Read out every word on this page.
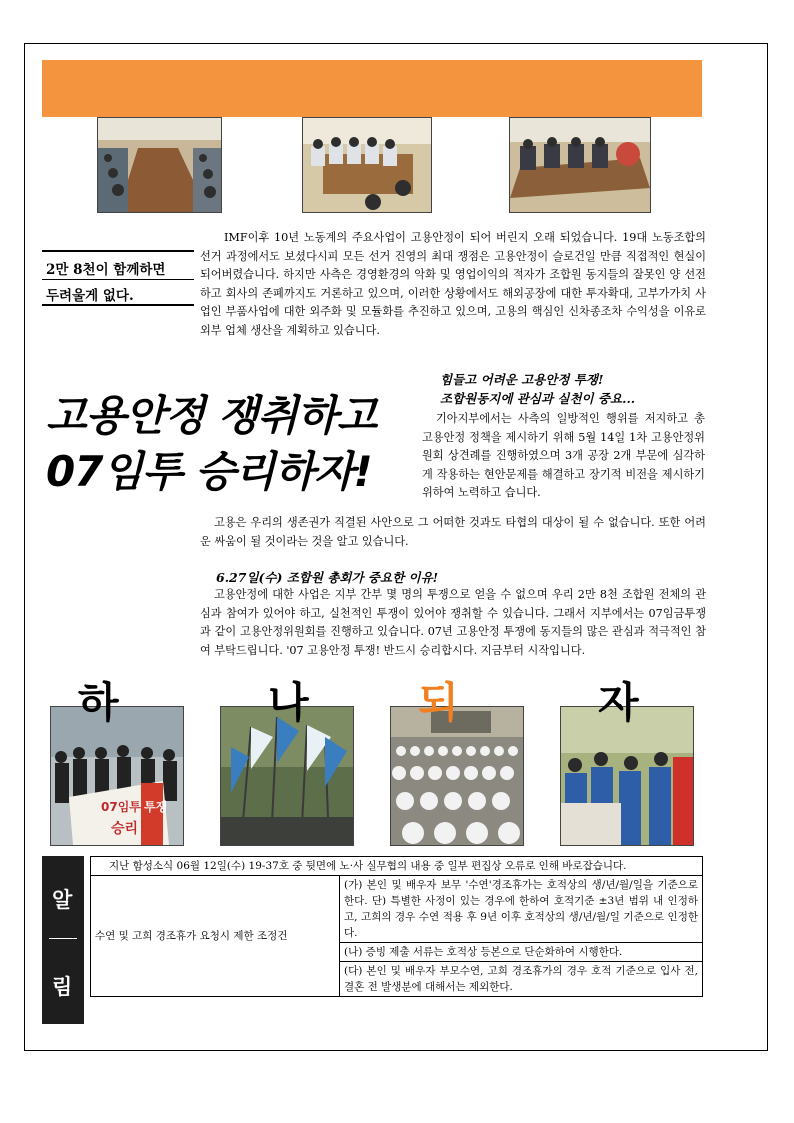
2만 8천이 함께하면
두려울게 없다.
IMF이후 10년 노동계의 주요사업이 고용안정이 되어 버린지 오래 되었습니다. 19대 노동조합의 선거 과정에서도 보셨다시피 모든 선거 진영의 최대 쟁점은 고용안정이 슬로건일 만큼 직접적인 현실이 되어버렸습니다. 하지만 사측은 경영환경의 악화 및 영업이익의 적자가 조합원 동지들의 잘못인 양 선전하고 회사의 존폐까지도 거론하고 있으며, 이러한 상황에서도 해외공장에 대한 투자확대, 고부가가치 사업인 부품사업에 대한 외주화 및 모듈화를 추진하고 있으며, 고용의 핵심인 신차종조차 수익성을 이유로 외부 업체 생산을 계획하고 있습니다.
고용안정 쟁취하고
07임투 승리하자!
힘들고 어려운 고용안정 투쟁!
조합원동지에 관심과 실천이 중요...
기아지부에서는 사측의 일방적인 행위를 저지하고 총 고용안정 정책을 제시하기 위해 5월 14일 1차 고용안정위원회 상견례를 진행하였으며 3개 공장 2개 부문에 심각하게 작용하는 현안문제를 해결하고 장기적 비전을 제시하기 위하여 노력하고 습니다.
고용은 우리의 생존권가 직결된 사안으로 그 어떠한 것과도 타협의 대상이 될 수 없습니다. 또한 어려운 싸움이 될 것이라는 것을 알고 있습니다.
6.27일(수) 조합원 총회가 중요한 이유!
고용안정에 대한 사업은 지부 간부 몇 명의 투쟁으로 얻을 수 없으며 우리 2만 8천 조합원 전체의 관심과 참여가 있어야 하고, 실천적인 투쟁이 있어야 쟁취할 수 있습니다. 그래서 지부에서는 07임금투쟁과 같이 고용안정위원회를 진행하고 있습니다. 07년 고용안정 투쟁에 동지들의 많은 관심과 적극적인 참여 부탁드립니다. '07 고용안정 투쟁! 반드시 승리합시다. 지금부터 시작입니다.
07임투
승리
투쟁
하	나	되	자
알
림
지난 함성소식 06월 12일(수) 19-37호 중 뒷면에 노·사 실무협의 내용 중 일부 편집상 오류로 인해 바로잡습니다.
수연 및 고희 경조휴가 요청시 제한 조정건	(가) 본인 및 배우자 보무 '수연'경조휴가는 호적상의 생/년/월/일을 기준으로 한다. 단) 특별한 사정이 있는 경우에 한하여 호적기준 ±3년 범위 내 인정하고, 고희의 경우 수연 적용 후 9년 이후 호적상의 생/년/월/일 기준으로 인정한다.
(나) 증빙 제출 서류는 호적상 등본으로 단순화하여 시행한다.
(다) 본인 및 배우자 부모수연, 고희 경조휴가의 경우 호적 기준으로 입사 전, 결혼 전 발생분에 대해서는 제외한다.
